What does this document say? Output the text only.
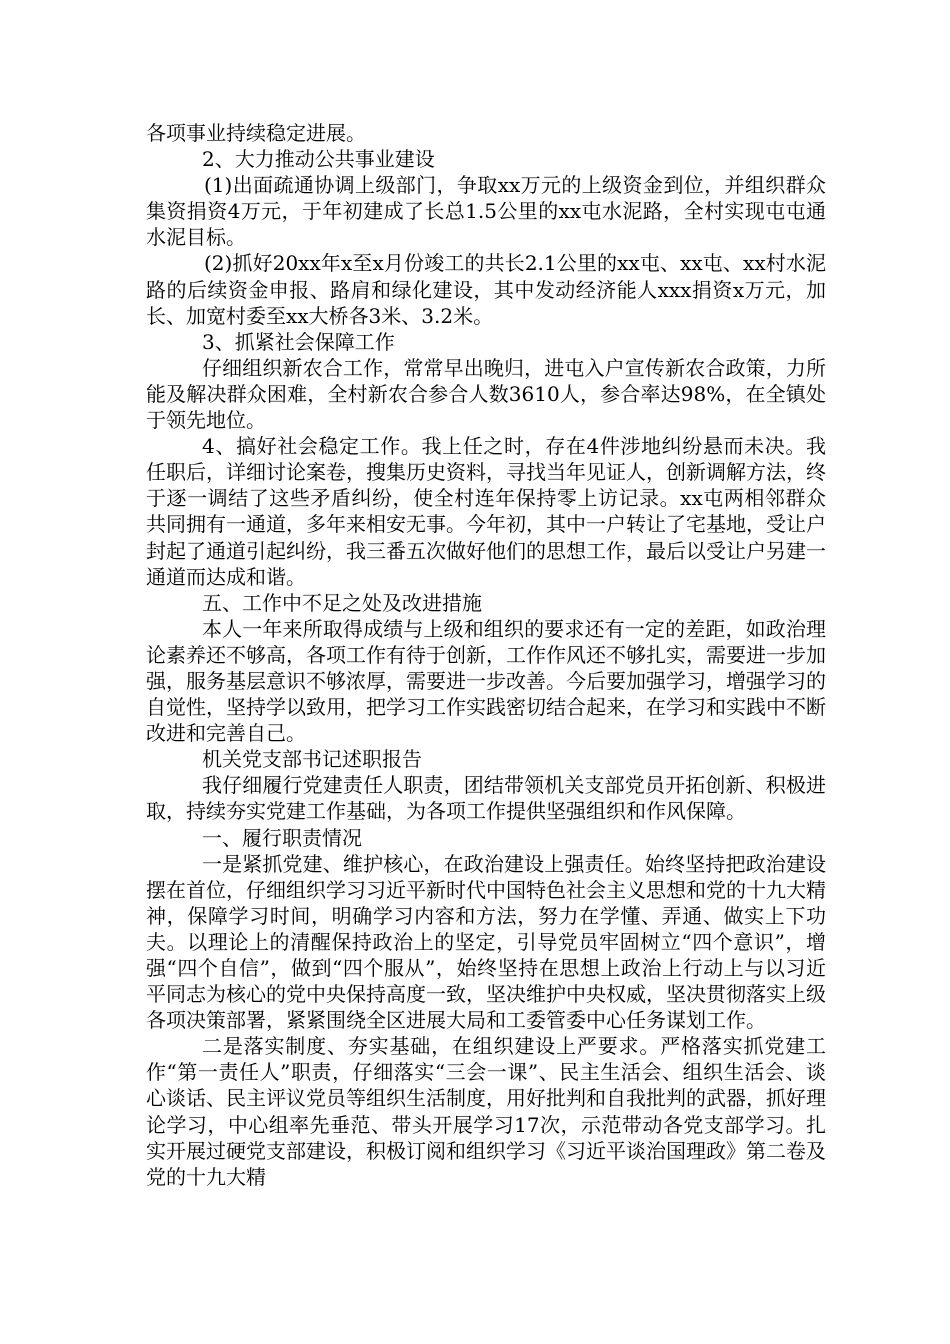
各项事业持续稳定进展。

2、大力推动公共事业建设

(1)出面疏通协调上级部门，争取xx万元的上级资金到位，并组织群众集资捐资4万元，于年初建成了长总1.5公里的xx屯水泥路，全村实现屯屯通水泥目标。

(2)抓好20xx年x至x月份竣工的共长2.1公里的xx屯、xx屯、xx村水泥路的后续资金申报、路肩和绿化建设，其中发动经济能人xxx捐资x万元，加长、加宽村委至xx大桥各3米、3.2米。

3、抓紧社会保障工作

仔细组织新农合工作，常常早出晚归，进屯入户宣传新农合政策，力所能及解决群众困难，全村新农合参合人数3610人，参合率达98%，在全镇处于领先地位。

4、搞好社会稳定工作。我上任之时，存在4件涉地纠纷悬而未决。我任职后，详细讨论案卷，搜集历史资料，寻找当年见证人，创新调解方法，终于逐一调结了这些矛盾纠纷，使全村连年保持零上访记录。xx屯两相邻群众共同拥有一通道，多年来相安无事。今年初，其中一户转让了宅基地，受让户封起了通道引起纠纷，我三番五次做好他们的思想工作，最后以受让户另建一通道而达成和谐。

五、工作中不足之处及改进措施

本人一年来所取得成绩与上级和组织的要求还有一定的差距，如政治理论素养还不够高，各项工作有待于创新，工作作风还不够扎实，需要进一步加强，服务基层意识不够浓厚，需要进一步改善。今后要加强学习，增强学习的自觉性，坚持学以致用，把学习工作实践密切结合起来，在学习和实践中不断改进和完善自己。

机关党支部书记述职报告

我仔细履行党建责任人职责，团结带领机关支部党员开拓创新、积极进取，持续夯实党建工作基础，为各项工作提供坚强组织和作风保障。

一、履行职责情况

一是紧抓党建、维护核心，在政治建设上强责任。始终坚持把政治建设摆在首位，仔细组织学习习近平新时代中国特色社会主义思想和党的十九大精神，保障学习时间，明确学习内容和方法，努力在学懂、弄通、做实上下功夫。以理论上的清醒保持政治上的坚定，引导党员牢固树立“四个意识”，增强“四个自信”，做到“四个服从”，始终坚持在思想上政治上行动上与以习近平同志为核心的党中央保持高度一致，坚决维护中央权威，坚决贯彻落实上级各项决策部署，紧紧围绕全区进展大局和工委管委中心任务谋划工作。

二是落实制度、夯实基础，在组织建设上严要求。严格落实抓党建工作“第一责任人”职责，仔细落实“三会一课”、民主生活会、组织生活会、谈心谈话、民主评议党员等组织生活制度，用好批判和自我批判的武器，抓好理论学习，中心组率先垂范、带头开展学习17次，示范带动各党支部学习。扎实开展过硬党支部建设，积极订阅和组织学习《习近平谈治国理政》第二卷及党的十九大精
